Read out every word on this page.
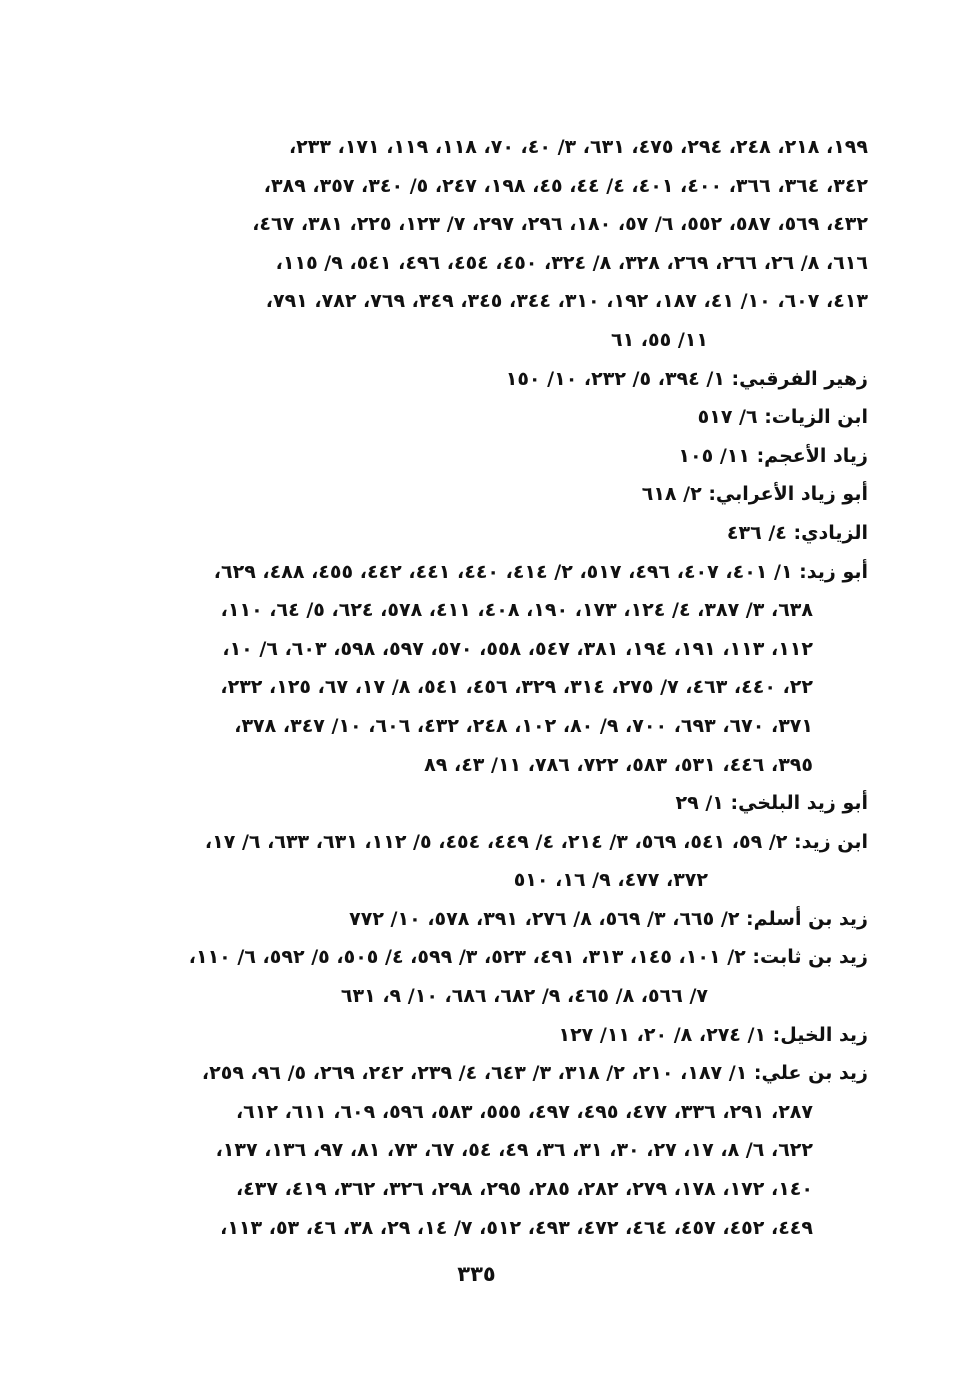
١٩٩، ٢١٨، ٢٤٨، ٢٩٤، ٤٧٥، ٦٣١، ٣/ ٤٠، ٧٠، ١١٨، ١١٩، ١٧١، ٢٣٣،
٣٤٢، ٣٦٤، ٣٦٦، ٤٠٠، ٤٠١، ٤/ ٤٤، ٤٥، ١٩٨، ٢٤٧، ٥/ ٣٤٠، ٣٥٧، ٣٨٩،
٤٣٢، ٥٦٩، ٥٨٧، ٥٥٢، ٦/ ٥٧، ١٨٠، ٢٩٦، ٢٩٧، ٧/ ١٢٣، ٢٢٥، ٣٨١، ٤٦٧،
٦١٦، ٨/ ٢٦، ٢٦٦، ٢٦٩، ٣٢٨، ٨/ ٣٢٤، ٤٥٠، ٤٥٤، ٤٩٦، ٥٤١، ٩/ ١١٥،
٤١٣، ٦٠٧، ١٠/ ٤١، ١٨٧، ١٩٢، ٣١٠، ٣٤٤، ٣٤٥، ٣٤٩، ٧٦٩، ٧٨٢، ٧٩١،
١١/ ٥٥، ٦١
زهير الفرقبي: ١/ ٣٩٤، ٥/ ٢٣٢، ١٠/ ١٥٠
ابن الزيات: ٦/ ٥١٧
زياد الأعجم: ١١/ ١٠٥
أبو زياد الأعرابي: ٢/ ٦١٨
الزيادي: ٤/ ٤٣٦
أبو زيد: ١/ ٤٠١، ٤٠٧، ٤٩٦، ٥١٧، ٢/ ٤١٤، ٤٤٠، ٤٤١، ٤٤٢، ٤٥٥، ٤٨٨، ٦٢٩،
٦٣٨، ٣/ ٣٨٧، ٤/ ١٢٤، ١٧٣، ١٩٠، ٤٠٨، ٤١١، ٥٧٨، ٦٢٤، ٥/ ٦٤، ١١٠،
١١٢، ١١٣، ١٩١، ١٩٤، ٣٨١، ٥٤٧، ٥٥٨، ٥٧٠، ٥٩٧، ٥٩٨، ٦٠٣، ٦/ ١٠،
٢٢، ٤٤٠، ٤٦٣، ٧/ ٢٧٥، ٣١٤، ٣٢٩، ٤٥٦، ٥٤١، ٨/ ١٧، ٦٧، ١٢٥، ٢٣٢،
٣٧١، ٦٧٠، ٦٩٣، ٧٠٠، ٩/ ٨٠، ١٠٢، ٢٤٨، ٤٣٢، ٦٠٦، ١٠/ ٣٤٧، ٣٧٨،
٣٩٥، ٤٤٦، ٥٣١، ٥٨٣، ٧٢٢، ٧٨٦، ١١/ ٤٣، ٨٩
أبو زيد البلخي: ١/ ٢٩
ابن زيد: ٢/ ٥٩، ٥٤١، ٥٦٩، ٣/ ٢١٤، ٤/ ٤٤٩، ٤٥٤، ٥/ ١١٢، ٦٣١، ٦٣٣، ٦/ ١٧،
٣٧٢، ٤٧٧، ٩/ ١٦، ٥١٠
زيد بن أسلم: ٢/ ٦٦٥، ٣/ ٥٦٩، ٨/ ٢٧٦، ٣٩١، ٥٧٨، ١٠/ ٧٧٢
زيد بن ثابت: ٢/ ١٠١، ١٤٥، ٣١٣، ٤٩١، ٥٢٣، ٣/ ٥٩٩، ٤/ ٥٠٥، ٥/ ٥٩٢، ٦/ ١١٠،
٧/ ٥٦٦، ٨/ ٤٦٥، ٩/ ٦٨٢، ٦٨٦، ١٠/ ٩، ٦٣١
زيد الخيل: ١/ ٢٧٤، ٨/ ٢٠، ١١/ ١٢٧
زيد بن علي: ١/ ١٨٧، ٢١٠، ٢/ ٣١٨، ٣/ ٦٤٣، ٤/ ٢٣٩، ٢٤٢، ٢٦٩، ٥/ ٩٦، ٢٥٩،
٢٨٧، ٢٩١، ٣٣٦، ٤٧٧، ٤٩٥، ٤٩٧، ٥٥٥، ٥٨٣، ٥٩٦، ٦٠٩، ٦١١، ٦١٢،
٦٢٢، ٦/ ٨، ١٧، ٢٧، ٣٠، ٣١، ٣٦، ٤٩، ٥٤، ٦٧، ٧٣، ٨١، ٩٧، ١٣٦، ١٣٧،
١٤٠، ١٧٢، ١٧٨، ٢٧٩، ٢٨٢، ٢٨٥، ٢٩٥، ٢٩٨، ٣٢٦، ٣٦٢، ٤١٩، ٤٣٧،
٤٤٩، ٤٥٢، ٤٥٧، ٤٦٤، ٤٧٢، ٤٩٣، ٥١٢، ٧/ ١٤، ٢٩، ٣٨، ٤٦، ٥٣، ١١٣،
٣٣٥
